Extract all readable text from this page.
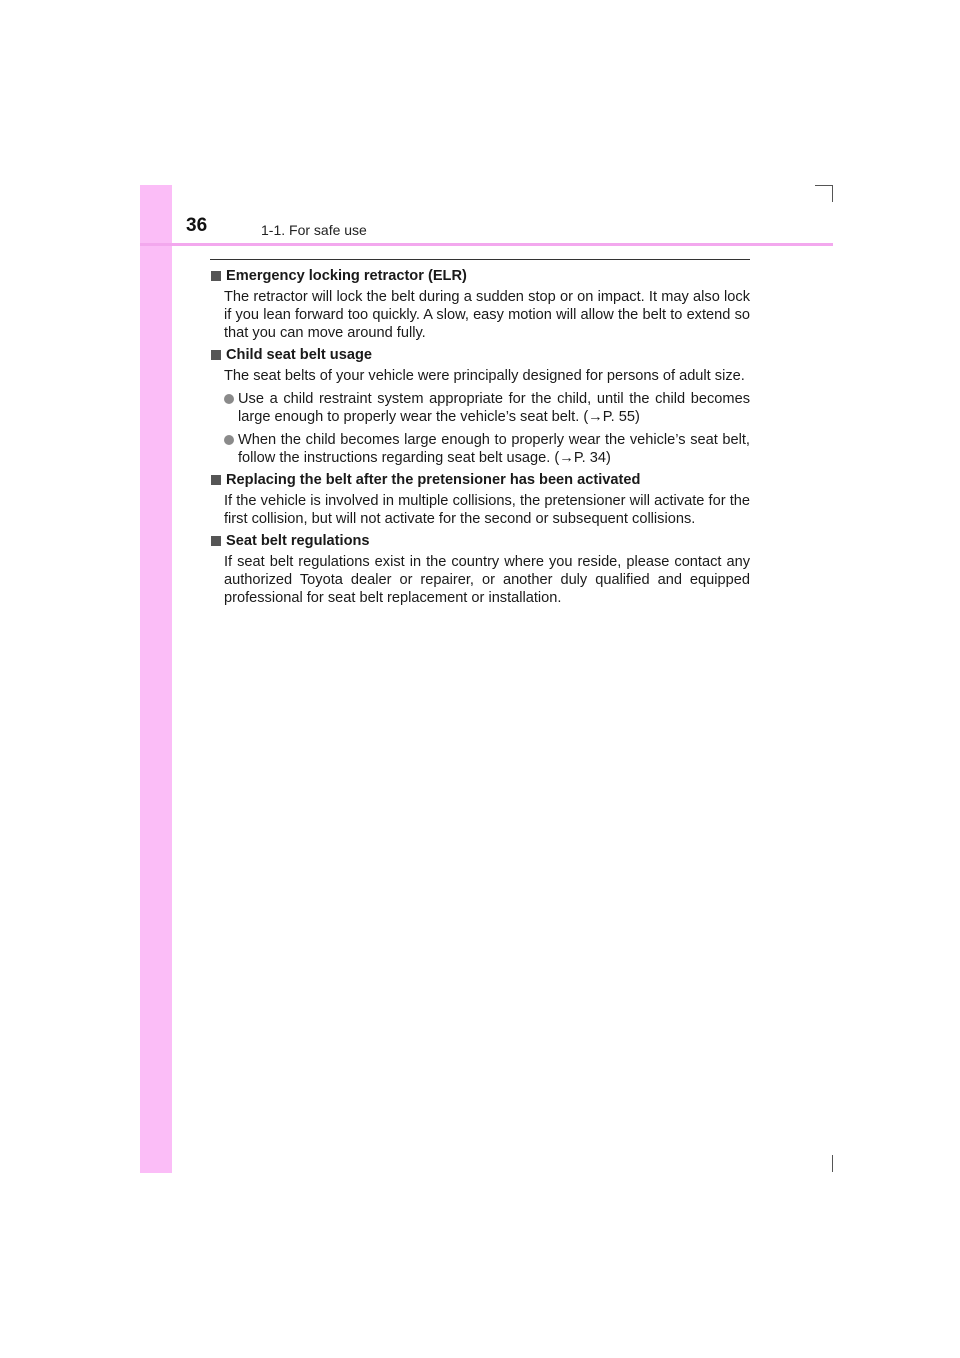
36	1-1. For safe use
Emergency locking retractor (ELR)

The retractor will lock the belt during a sudden stop or on impact. It may also lock if you lean forward too quickly. A slow, easy motion will allow the belt to extend so that you can move around fully.

Child seat belt usage

The seat belts of your vehicle were principally designed for persons of adult size.

Use a child restraint system appropriate for the child, until the child becomes large enough to properly wear the vehicle’s seat belt. (→P. 55)
When the child becomes large enough to properly wear the vehicle’s seat belt, follow the instructions regarding seat belt usage. (→P. 34)
Replacing the belt after the pretensioner has been activated

If the vehicle is involved in multiple collisions, the pretensioner will activate for the first collision, but will not activate for the second or subsequent collisions.

Seat belt regulations

If seat belt regulations exist in the country where you reside, please contact any authorized Toyota dealer or repairer, or another duly qualified and equipped professional for seat belt replacement or installation.
